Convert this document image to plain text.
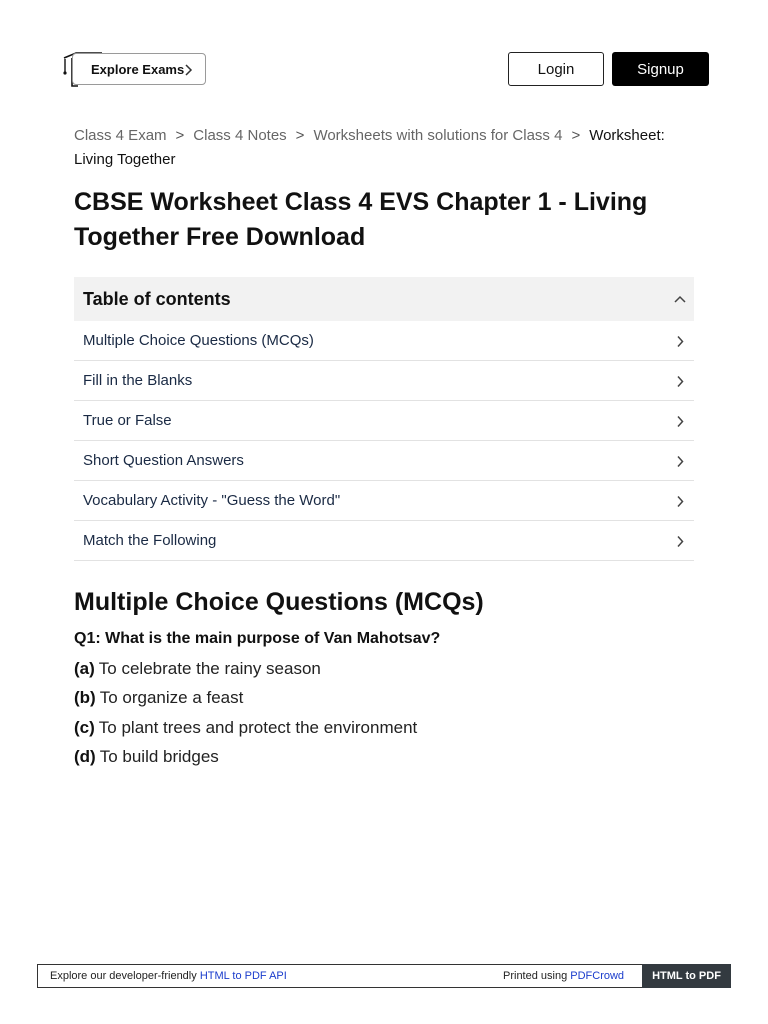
Explore Exams	Login	Signup
Class 4 Exam > Class 4 Notes > Worksheets with solutions for Class 4 > Worksheet: Living Together
CBSE Worksheet Class 4 EVS Chapter 1 - Living Together Free Download
Table of contents
Multiple Choice Questions (MCQs)
Fill in the Blanks
True or False
Short Question Answers
Vocabulary Activity - "Guess the Word"
Match the Following
Multiple Choice Questions (MCQs)

Q1: What is the main purpose of Van Mahotsav?

(a) To celebrate the rainy season

(b) To organize a feast

(c) To plant trees and protect the environment

(d) To build bridges

Explore our developer-friendly HTML to PDF API	Printed using PDFCrowd	HTML to PDF
